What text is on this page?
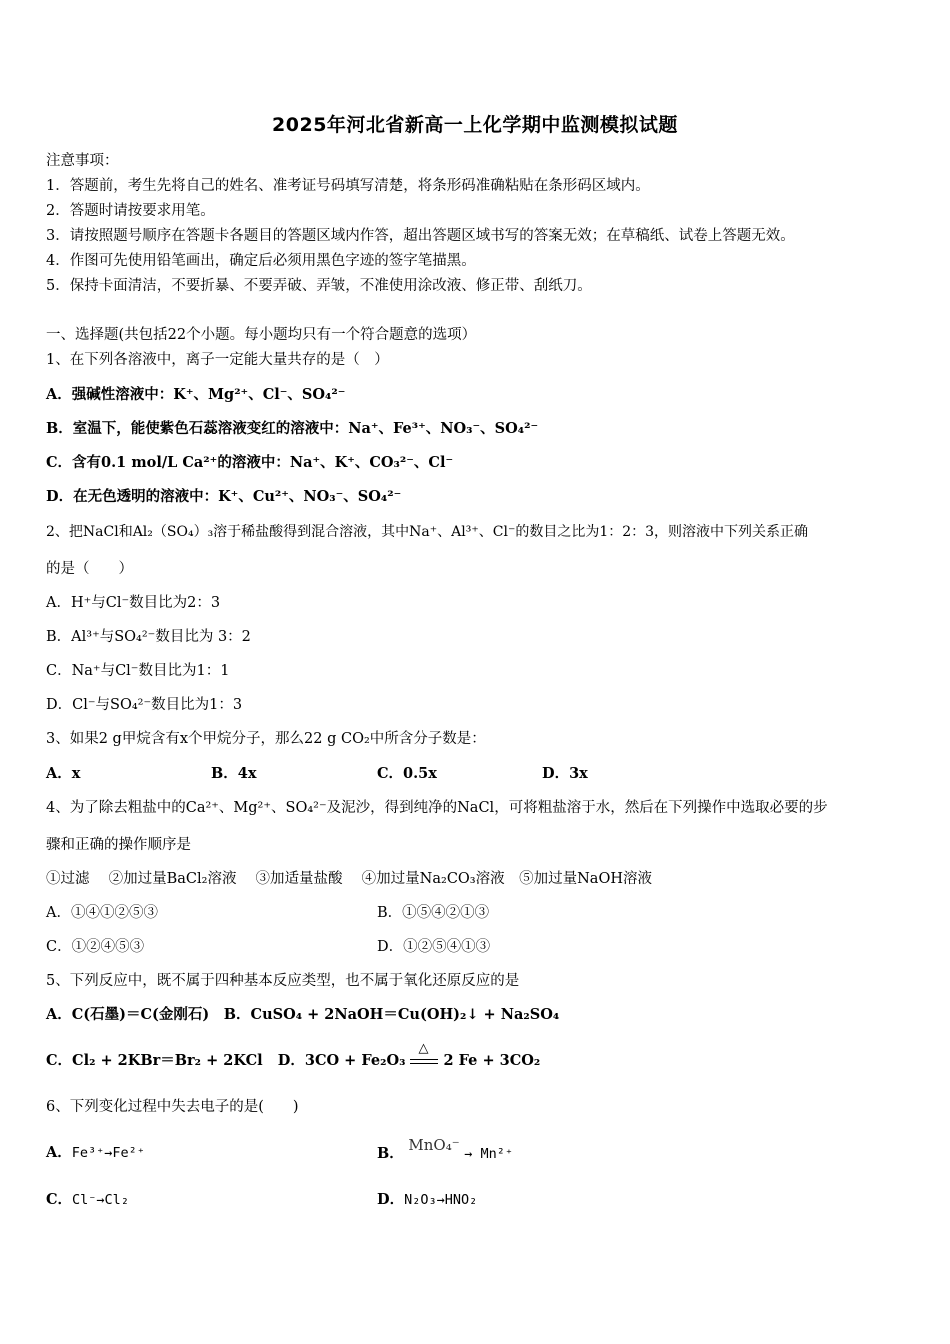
2025年河北省新高一上化学期中监测模拟试题
注意事项：
1．答题前，考生先将自己的姓名、准考证号码填写清楚，将条形码准确粘贴在条形码区域内。
2．答题时请按要求用笔。
3．请按照题号顺序在答题卡各题目的答题区域内作答，超出答题区域书写的答案无效；在草稿纸、试卷上答题无效。
4．作图可先使用铅笔画出，确定后必须用黑色字迹的签字笔描黑。
5．保持卡面清洁，不要折暴、不要弄破、弄皱，不准使用涂改液、修正带、刮纸刀。
一、选择题(共包括22个小题。每小题均只有一个符合题意的选项）
1、在下列各溶液中，离子一定能大量共存的是（　）
A．强碱性溶液中：K⁺、Mg²⁺、Cl⁻、SO₄²⁻
B．室温下，能使紫色石蕊溶液变红的溶液中：Na⁺、Fe³⁺、NO₃⁻、SO₄²⁻
C．含有0.1 mol/L Ca²⁺的溶液中：Na⁺、K⁺、CO₃²⁻、Cl⁻
D．在无色透明的溶液中：K⁺、Cu²⁺、NO₃⁻、SO₄²⁻
2、把NaCl和Al₂（SO₄）₃溶于稀盐酸得到混合溶液，其中Na⁺、Al³⁺、Cl⁻的数目之比为1：2：3，则溶液中下列关系正确
的是（　　）
A．H⁺与Cl⁻数目比为2：3
B．Al³⁺与SO₄²⁻数目比为 3：2
C．Na⁺与Cl⁻数目比为1：1
D．Cl⁻与SO₄²⁻数目比为1：3
3、如果2 g甲烷含有x个甲烷分子，那么22 g CO₂中所含分子数是：
A．x	B．4x	C．0.5x	D．3x
4、为了除去粗盐中的Ca²⁺、Mg²⁺、SO₄²⁻及泥沙，得到纯净的NaCl，可将粗盐溶于水，然后在下列操作中选取必要的步
骤和正确的操作顺序是
①过滤　 ②加过量BaCl₂溶液　 ③加适量盐酸　 ④加过量Na₂CO₃溶液　⑤加过量NaOH溶液
A．①④①②⑤③	B．①⑤④②①③
C．①②④⑤③	D．①②⑤④①③
5、下列反应中，既不属于四种基本反应类型，也不属于氧化还原反应的是
A．C(石墨)＝C(金刚石)　B．CuSO₄ + 2NaOH＝Cu(OH)₂↓ + Na₂SO₄
C．Cl₂ + 2KBr＝Br₂ + 2KCl D．3CO + Fe₂O₃
△
2 Fe + 3CO₂
6、下列变化过程中失去电子的是(　　)
A．Fe³⁺→Fe²⁺	B． MnO₄⁻ → Mn²⁺
C．Cl⁻→Cl₂	D．N₂O₃→HNO₂
